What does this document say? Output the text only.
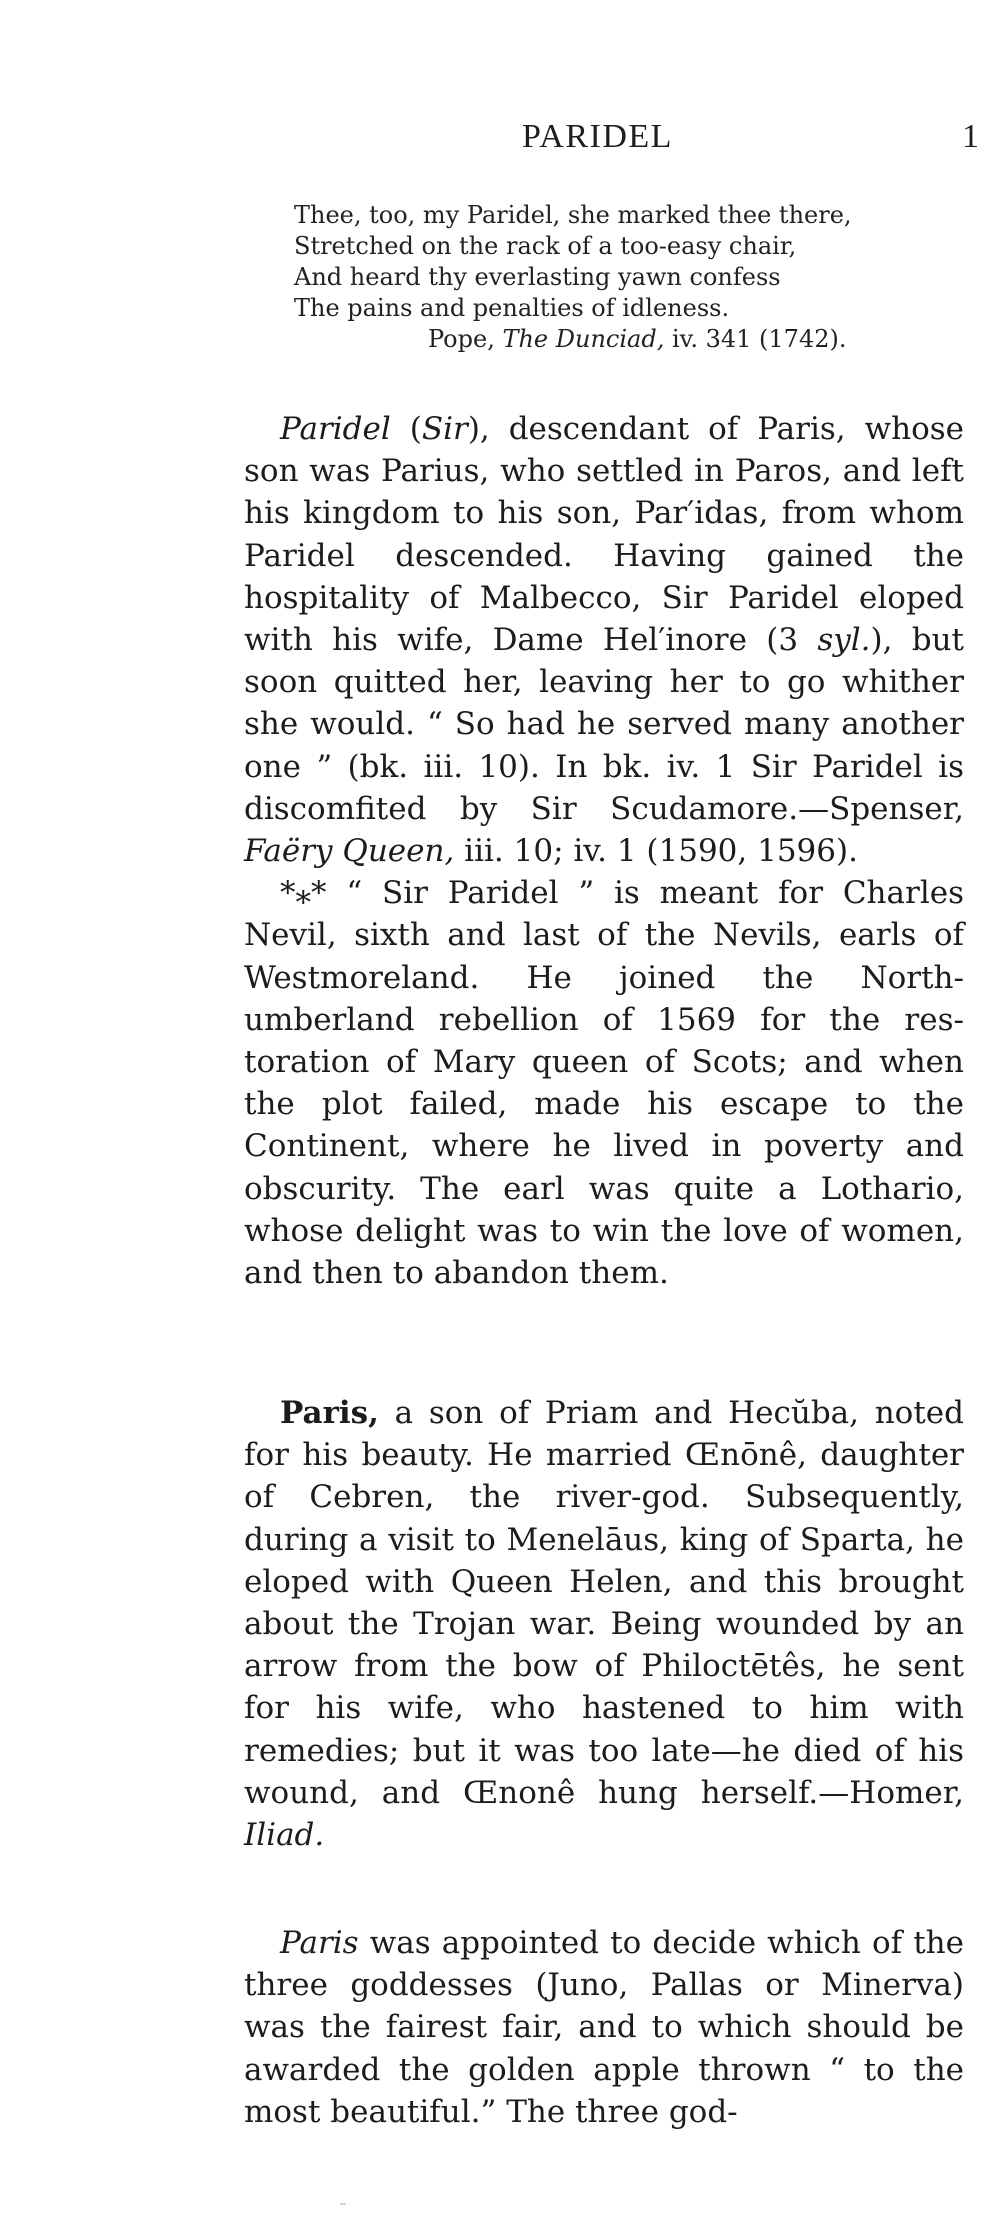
PARIDEL	1
Thee, too, my Paridel, she marked thee there,
Stretched on the rack of a too-easy chair,
And heard thy everlasting yawn confess
The pains and penalties of idleness.
Pope, The Dunciad, iv. 341 (1742).

Paridel (Sir), descendant of Paris, whose son was Parius, who settled in Paros, and left his kingdom to his son, Par′idas, from whom Paridel descended. Having gained the hospitality of Malbecco, Sir Paridel eloped with his wife, Dame Hel′inore (3 syl.), but soon quitted her, leaving her to go whither she would. “ So had he served many another one ” (bk. iii. 10). In bk. iv. 1 Sir Paridel is discomfited by Sir Scudamore.—Spenser, Faëry Queen, iii. 10; iv. 1 (1590, 1596).

*⁎* “ Sir Paridel ” is meant for Charles Nevil, sixth and last of the Nevils, earls of Westmoreland. He joined the Northumberland rebellion of 1569 for the restoration of Mary queen of Scots; and when the plot failed, made his escape to the Continent, where he lived in poverty and obscurity. The earl was quite a Lothario, whose delight was to win the love of women, and then to abandon them.

Paris, a son of Priam and Hecŭba, noted for his beauty. He married Œnōnê, daughter of Cebren, the river-god. Subsequently, during a visit to Menelāus, king of Sparta, he eloped with Queen Helen, and this brought about the Trojan war. Being wounded by an arrow from the bow of Philoctētês, he sent for his wife, who hastened to him with remedies; but it was too late—he died of his wound, and Œnonê hung herself.—Homer, Iliad.

Paris was appointed to decide which of the three goddesses (Juno, Pallas or Minerva) was the fairest fair, and to which should be awarded the golden apple thrown “ to the most beautiful.” The three god-
